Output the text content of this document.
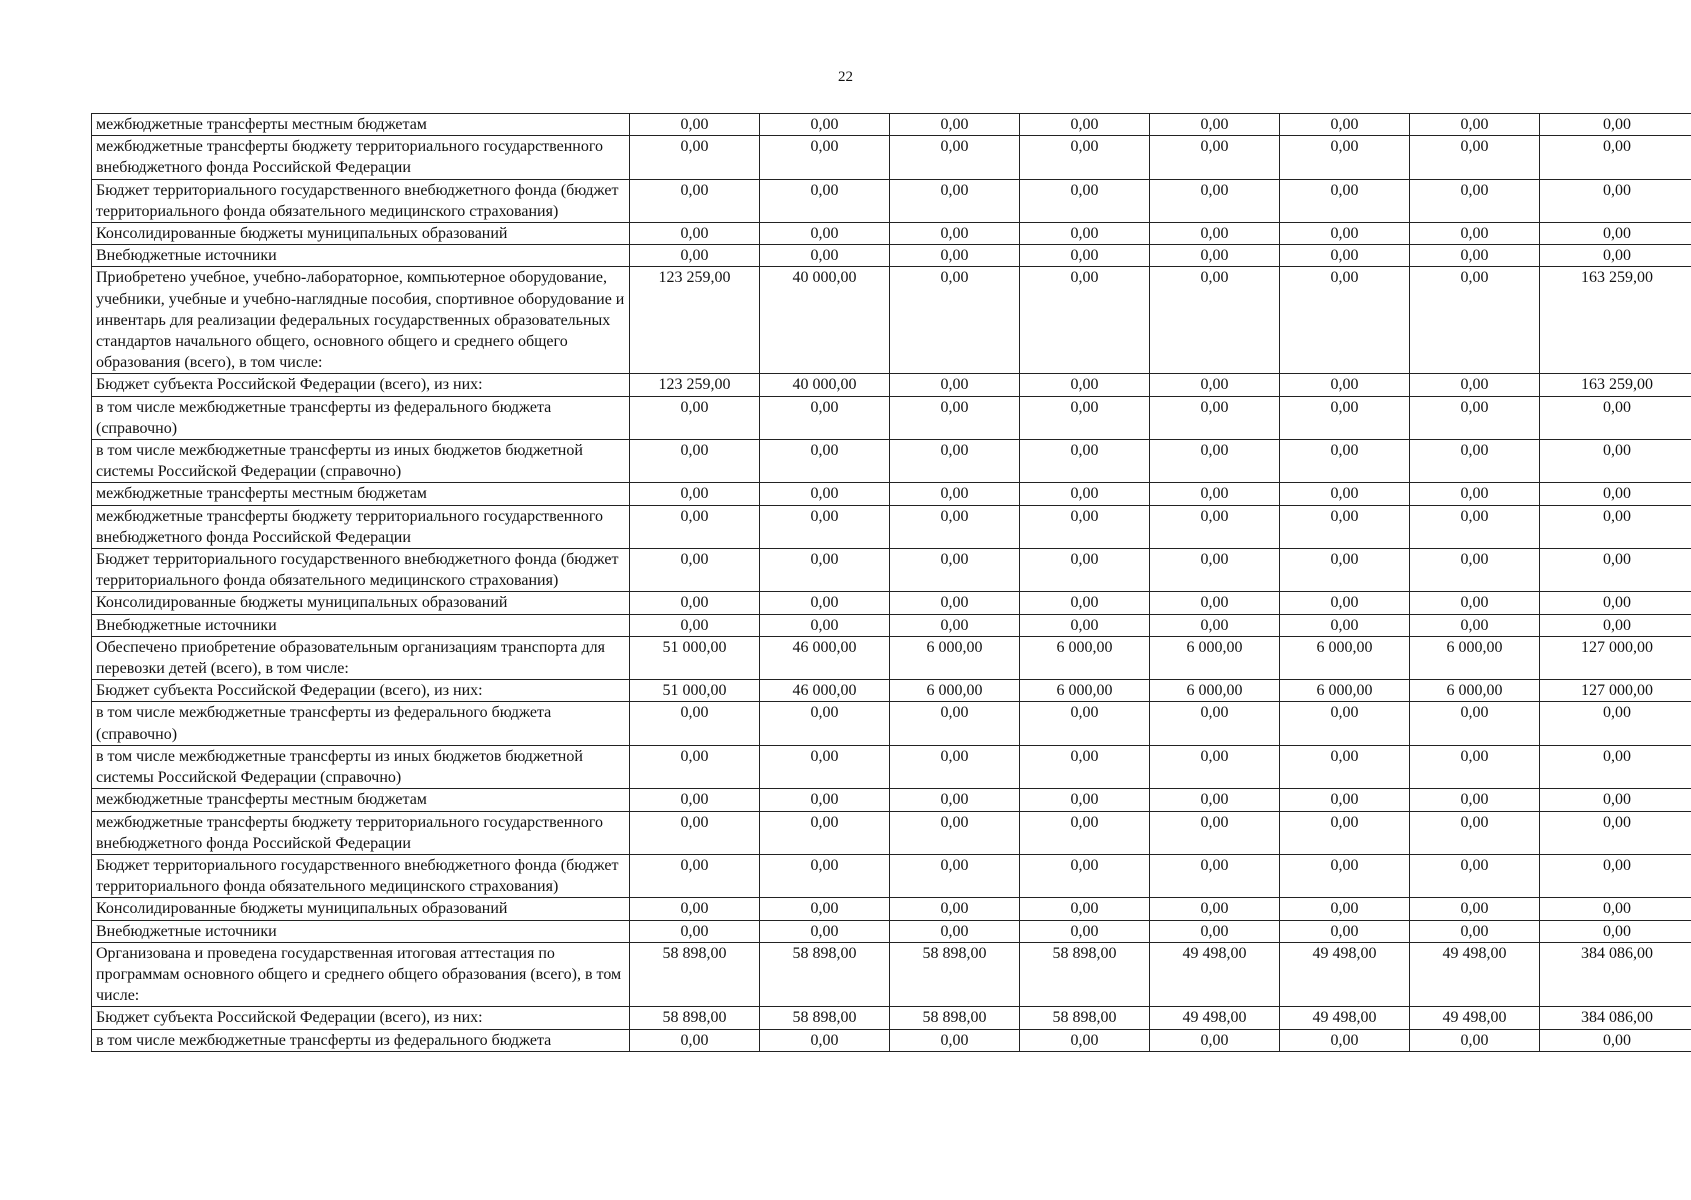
22
межбюджетные трансферты местным бюджетам	0,00	0,00	0,00	0,00	0,00	0,00	0,00	0,00
межбюджетные трансферты бюджету территориального государственного внебюджетного фонда Российской Федерации	0,00	0,00	0,00	0,00	0,00	0,00	0,00	0,00
Бюджет территориального государственного внебюджетного фонда (бюджет территориального фонда обязательного медицинского страхования)	0,00	0,00	0,00	0,00	0,00	0,00	0,00	0,00
Консолидированные бюджеты муниципальных образований	0,00	0,00	0,00	0,00	0,00	0,00	0,00	0,00
Внебюджетные источники	0,00	0,00	0,00	0,00	0,00	0,00	0,00	0,00
Приобретено учебное, учебно-лабораторное, компьютерное оборудование, учебники, учебные и учебно-наглядные пособия, спортивное оборудование и инвентарь для реализации федеральных государственных образовательных стандартов начального общего, основного общего и среднего общего образования (всего), в том числе:	123 259,00	40 000,00	0,00	0,00	0,00	0,00	0,00	163 259,00
Бюджет субъекта Российской Федерации (всего), из них:	123 259,00	40 000,00	0,00	0,00	0,00	0,00	0,00	163 259,00
в том числе межбюджетные трансферты из федерального бюджета (справочно)	0,00	0,00	0,00	0,00	0,00	0,00	0,00	0,00
в том числе межбюджетные трансферты из иных бюджетов бюджетной системы Российской Федерации (справочно)	0,00	0,00	0,00	0,00	0,00	0,00	0,00	0,00
межбюджетные трансферты местным бюджетам	0,00	0,00	0,00	0,00	0,00	0,00	0,00	0,00
межбюджетные трансферты бюджету территориального государственного внебюджетного фонда Российской Федерации	0,00	0,00	0,00	0,00	0,00	0,00	0,00	0,00
Бюджет территориального государственного внебюджетного фонда (бюджет территориального фонда обязательного медицинского страхования)	0,00	0,00	0,00	0,00	0,00	0,00	0,00	0,00
Консолидированные бюджеты муниципальных образований	0,00	0,00	0,00	0,00	0,00	0,00	0,00	0,00
Внебюджетные источники	0,00	0,00	0,00	0,00	0,00	0,00	0,00	0,00
Обеспечено приобретение образовательным организациям транспорта для перевозки детей (всего), в том числе:	51 000,00	46 000,00	6 000,00	6 000,00	6 000,00	6 000,00	6 000,00	127 000,00
Бюджет субъекта Российской Федерации (всего), из них:	51 000,00	46 000,00	6 000,00	6 000,00	6 000,00	6 000,00	6 000,00	127 000,00
в том числе межбюджетные трансферты из федерального бюджета (справочно)	0,00	0,00	0,00	0,00	0,00	0,00	0,00	0,00
в том числе межбюджетные трансферты из иных бюджетов бюджетной системы Российской Федерации (справочно)	0,00	0,00	0,00	0,00	0,00	0,00	0,00	0,00
межбюджетные трансферты местным бюджетам	0,00	0,00	0,00	0,00	0,00	0,00	0,00	0,00
межбюджетные трансферты бюджету территориального государственного внебюджетного фонда Российской Федерации	0,00	0,00	0,00	0,00	0,00	0,00	0,00	0,00
Бюджет территориального государственного внебюджетного фонда (бюджет территориального фонда обязательного медицинского страхования)	0,00	0,00	0,00	0,00	0,00	0,00	0,00	0,00
Консолидированные бюджеты муниципальных образований	0,00	0,00	0,00	0,00	0,00	0,00	0,00	0,00
Внебюджетные источники	0,00	0,00	0,00	0,00	0,00	0,00	0,00	0,00
Организована и проведена государственная итоговая аттестация по программам основного общего и среднего общего образования (всего), в том числе:	58 898,00	58 898,00	58 898,00	58 898,00	49 498,00	49 498,00	49 498,00	384 086,00
Бюджет субъекта Российской Федерации (всего), из них:	58 898,00	58 898,00	58 898,00	58 898,00	49 498,00	49 498,00	49 498,00	384 086,00
в том числе межбюджетные трансферты из федерального бюджета	0,00	0,00	0,00	0,00	0,00	0,00	0,00	0,00
